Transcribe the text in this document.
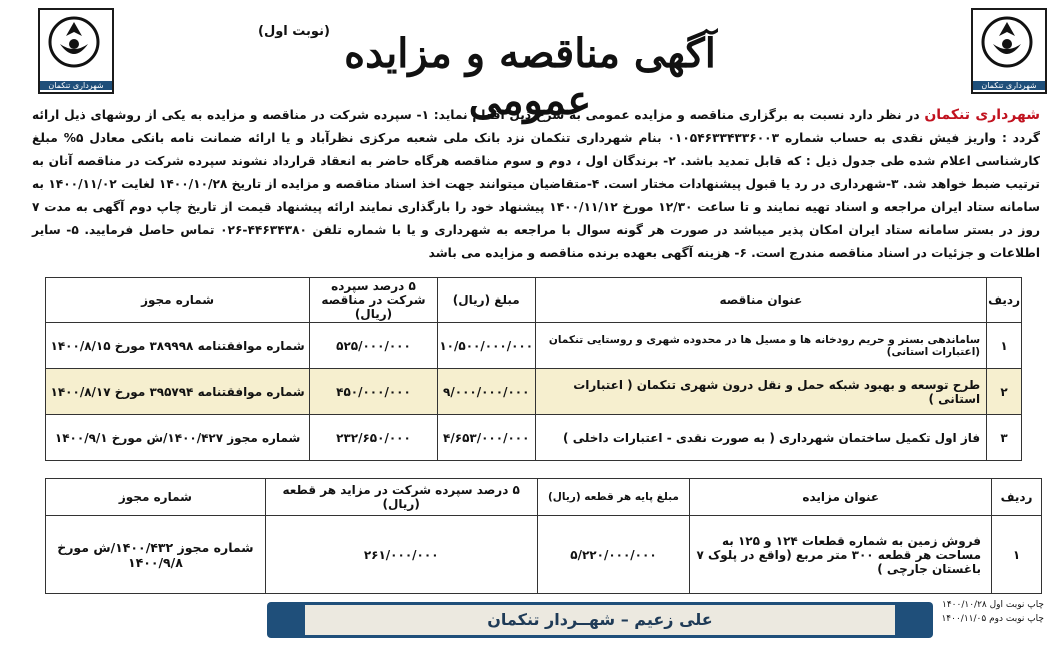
شهرداری تنکمان
شهرداری تنکمان
آگهی مناقصه و مزایده عمومی
(نوبت اول)
شهرداری تنکمان در نظر دارد نسبت به برگزاری مناقصه و مزایده عمومی به شرح ذیل اقدام نماید: ۱- سپرده شرکت در مناقصه و مزایده به یکی از روشهای ذیل ارائه گردد : واریز فیش نقدی به حساب شماره ۰۱۰۵۴۶۳۳۴۳۳۶۰۰۳ بنام شهرداری تنکمان نزد بانک ملی شعبه مرکزی نظرآباد و یا ارائه ضمانت نامه بانکی معادل ۵% مبلغ کارشناسی اعلام شده طی جدول ذیل : که قابل تمدید باشد. ۲- برندگان اول ، دوم و سوم مناقصه هرگاه حاضر به انعقاد قرارداد نشوند سپرده شرکت در مناقصه آنان به ترتیب ضبط خواهد شد. ۳-شهرداری در رد یا قبول پیشنهادات مختار است. ۴-متقاضیان میتوانند جهت اخذ اسناد مناقصه و مزایده از تاریخ ۱۴۰۰/۱۰/۲۸ لغایت ۱۴۰۰/۱۱/۰۲ به سامانه ستاد ایران مراجعه و اسناد تهیه نمایند و تا ساعت ۱۲/۳۰ مورخ ۱۴۰۰/۱۱/۱۲ پیشنهاد خود را بارگذاری نمایند ارائه پیشنهاد قیمت از تاریخ چاپ دوم آگهی به مدت ۷ روز در بستر سامانه ستاد ایران امکان پذیر میباشد در صورت هر گونه سوال با مراجعه به شهرداری و یا با شماره تلفن ۴۴۶۳۴۳۸۰-۰۲۶ تماس حاصل فرمایید. ۵- سایر اطلاعات و جزئیات در اسناد مناقصه مندرج است. ۶- هزینه آگهی بعهده برنده مناقصه و مزایده می باشد
ردیف	عنوان مناقصه	مبلغ (ریال)	۵ درصد سپرده شرکت در مناقصه (ریال)	شماره مجوز
۱	ساماندهی بستر و حریم رودخانه ها و مسیل ها در محدوده شهری و روستایی تنکمان (اعتبارات استانی)	۱۰/۵۰۰/۰۰۰/۰۰۰	۵۲۵/۰۰۰/۰۰۰	شماره موافقتنامه ۳۸۹۹۹۸ مورخ ۱۴۰۰/۸/۱۵
۲	طرح توسعه و بهبود شبکه حمل و نقل درون شهری تنکمان ( اعتبارات استانی )	۹/۰۰۰/۰۰۰/۰۰۰	۴۵۰/۰۰۰/۰۰۰	شماره موافقتنامه ۳۹۵۷۹۴ مورخ ۱۴۰۰/۸/۱۷
۳	فاز اول تکمیل ساختمان شهرداری ( به صورت نقدی - اعتبارات داخلی )	۴/۶۵۳/۰۰۰/۰۰۰	۲۳۲/۶۵۰/۰۰۰	شماره مجوز ۱۴۰۰/۴۲۷/ش مورخ ۱۴۰۰/۹/۱
ردیف	عنوان مزایده	مبلغ پایه هر قطعه (ریال)	۵ درصد سپرده شرکت در مزاید هر قطعه (ریال)	شماره مجوز
۱	فروش زمین به شماره قطعات ۱۲۴ و ۱۲۵ به مساحت هر قطعه ۳۰۰ متر مربع (واقع در پلوک ۷ باغستان جارچی )	۵/۲۲۰/۰۰۰/۰۰۰	۲۶۱/۰۰۰/۰۰۰	شماره مجوز ۱۴۰۰/۴۳۲/ش مورخ ۱۴۰۰/۹/۸
علی زعیم – شهــردار تنکمان
چاپ نوبت اول ۱۴۰۰/۱۰/۲۸
چاپ نوبت دوم ۱۴۰۰/۱۱/۰۵
